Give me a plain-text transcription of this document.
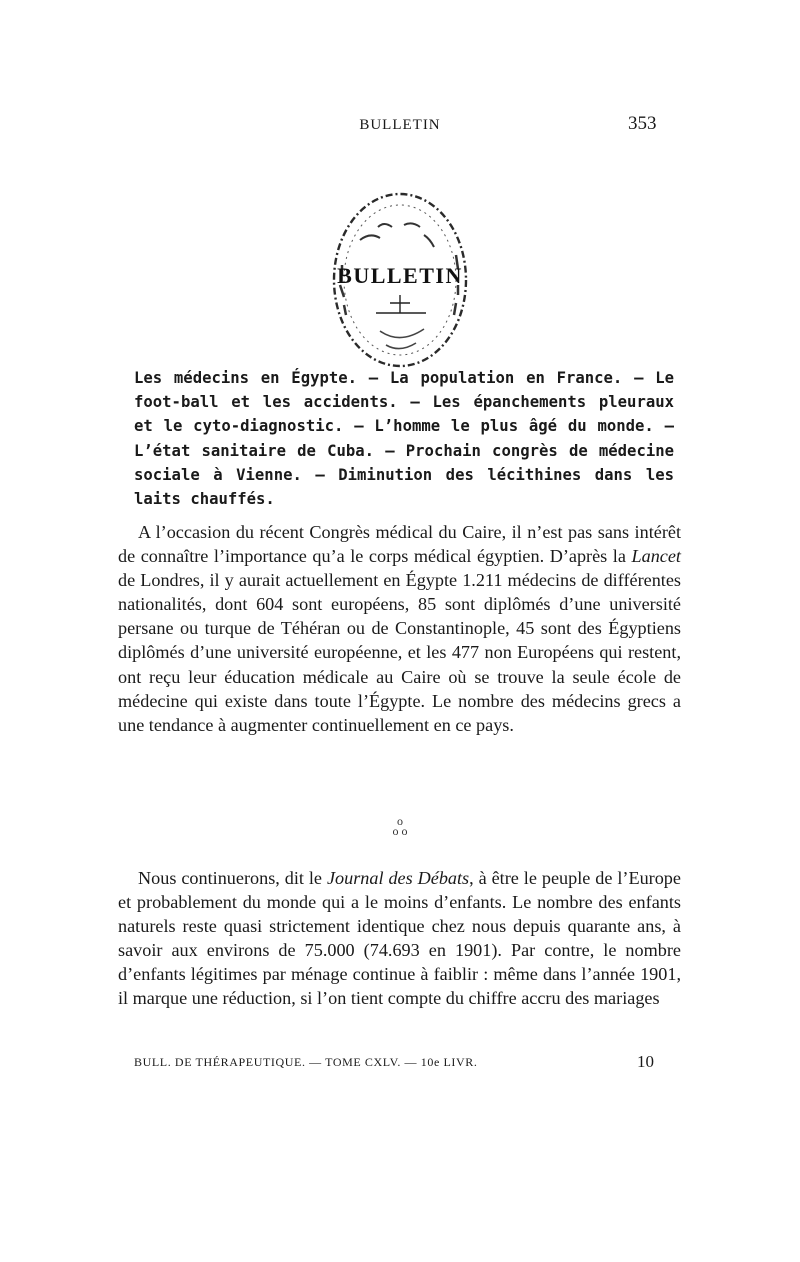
BULLETIN	353
BULLETIN
Les médecins en Égypte. — La population en France. — Le foot-ball et les accidents. — Les épanchements pleuraux et le cyto-diagnostic. — L’homme le plus âgé du monde. — L’état sanitaire de Cuba. — Prochain congrès de médecine sociale à Vienne. — Diminution des lécithines dans les laits chauffés.

A l’occasion du récent Congrès médical du Caire, il n’est pas sans intérêt de connaître l’importance qu’a le corps médical égyptien. D’après la Lancet de Londres, il y aurait actuellement en Égypte 1.211 médecins de différentes nationalités, dont 604 sont européens, 85 sont diplômés d’une université persane ou turque de Téhéran ou de Constantinople, 45 sont des Égyptiens diplômés d’une université européenne, et les 477 non Européens qui restent, ont reçu leur éducation médicale au Caire où se trouve la seule école de médecine qui existe dans toute l’Égypte. Le nombre des médecins grecs a une tendance à augmenter continuellement en ce pays.

o
o o

Nous continuerons, dit le Journal des Débats, à être le peuple de l’Europe et probablement du monde qui a le moins d’enfants. Le nombre des enfants naturels reste quasi strictement identique chez nous depuis quarante ans, à savoir aux environs de 75.000 (74.693 en 1901). Par contre, le nombre d’enfants légitimes par ménage continue à faiblir : même dans l’année 1901, il marque une réduction, si l’on tient compte du chiffre accru des mariages

BULL. DE THÉRAPEUTIQUE. — TOME CXLV. — 10e LIVR.	10
